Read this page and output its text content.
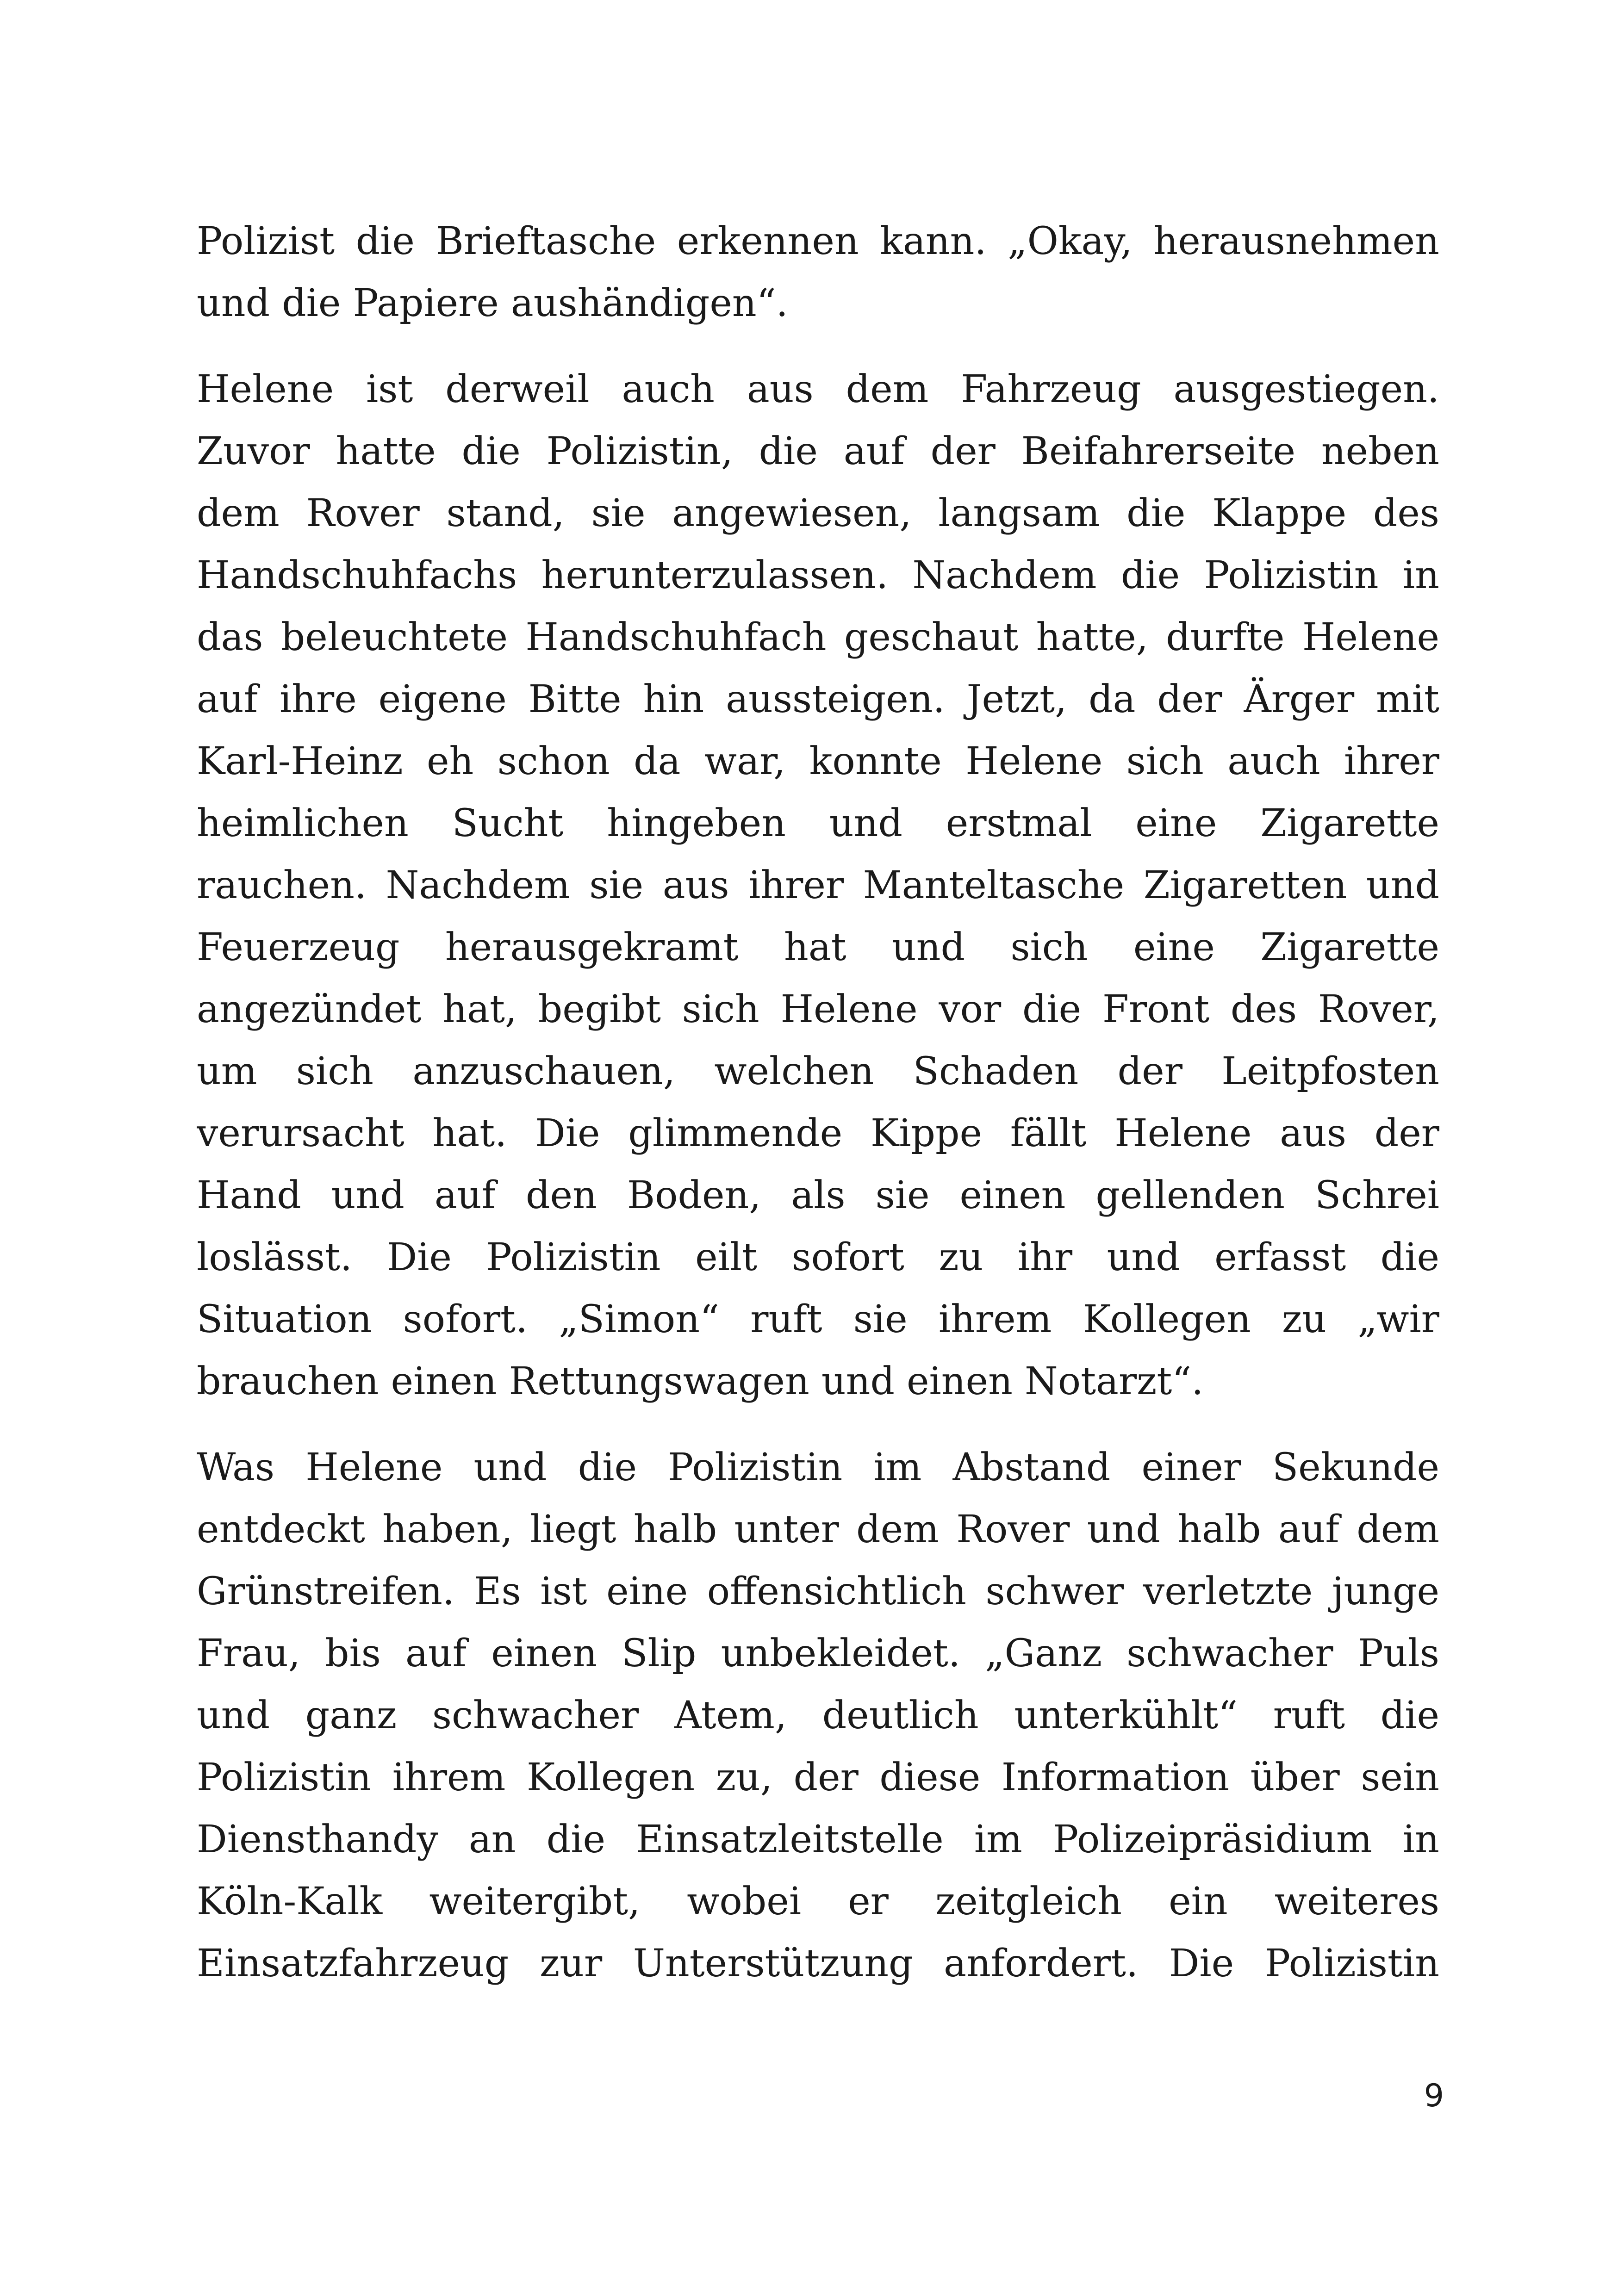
Polizist die Brieftasche erkennen kann. „Okay, herausnehmen
und die Papiere aushändigen“.

Helene ist derweil auch aus dem Fahrzeug ausgestiegen.
Zuvor hatte die Polizistin, die auf der Beifahrerseite neben
dem Rover stand, sie angewiesen, langsam die Klappe des
Handschuhfachs herunterzulassen. Nachdem die Polizistin in
das beleuchtete Handschuhfach geschaut hatte, durfte Helene
auf ihre eigene Bitte hin aussteigen. Jetzt, da der Ärger mit
Karl-Heinz eh schon da war, konnte Helene sich auch ihrer
heimlichen Sucht hingeben und erstmal eine Zigarette
rauchen. Nachdem sie aus ihrer Manteltasche Zigaretten und
Feuerzeug herausgekramt hat und sich eine Zigarette
angezündet hat, begibt sich Helene vor die Front des Rover,
um sich anzuschauen, welchen Schaden der Leitpfosten
verursacht hat. Die glimmende Kippe fällt Helene aus der
Hand und auf den Boden, als sie einen gellenden Schrei
loslässt. Die Polizistin eilt sofort zu ihr und erfasst die
Situation sofort. „Simon“ ruft sie ihrem Kollegen zu „wir
brauchen einen Rettungswagen und einen Notarzt“.

Was Helene und die Polizistin im Abstand einer Sekunde
entdeckt haben, liegt halb unter dem Rover und halb auf dem
Grünstreifen. Es ist eine offensichtlich schwer verletzte junge
Frau, bis auf einen Slip unbekleidet. „Ganz schwacher Puls
und ganz schwacher Atem, deutlich unterkühlt“ ruft die
Polizistin ihrem Kollegen zu, der diese Information über sein
Diensthandy an die Einsatzleitstelle im Polizeipräsidium in
Köln-Kalk weitergibt, wobei er zeitgleich ein weiteres
Einsatzfahrzeug zur Unterstützung anfordert. Die Polizistin

9
